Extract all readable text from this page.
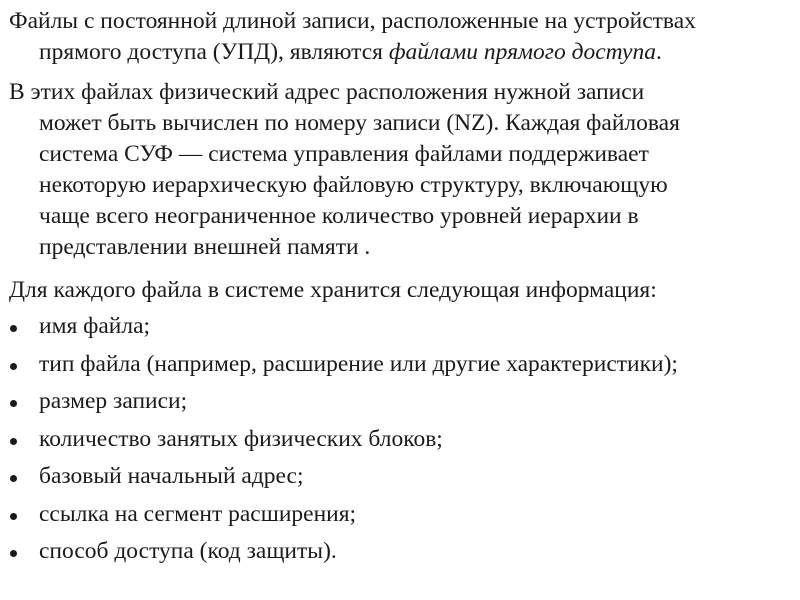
Файлы с постоянной длиной записи, расположенные на устройствах
прямого доступа (УПД), являются файлами прямого доступа.
В этих файлах физический адрес расположения нужной записи
может быть вычислен по номеру записи (NZ). Каждая файловая
система СУФ — система управления файлами поддерживает
некоторую иерархическую файловую структуру, включающую
чаще всего неограниченное количество уровней иерархии в
представлении внешней памяти .
Для каждого файла в системе хранится следующая информация:
имя файла;
тип файла (например, расширение или другие характеристики);
размер записи;
количество занятых физических блоков;
базовый начальный адрес;
ссылка на сегмент расширения;
способ доступа (код защиты).
